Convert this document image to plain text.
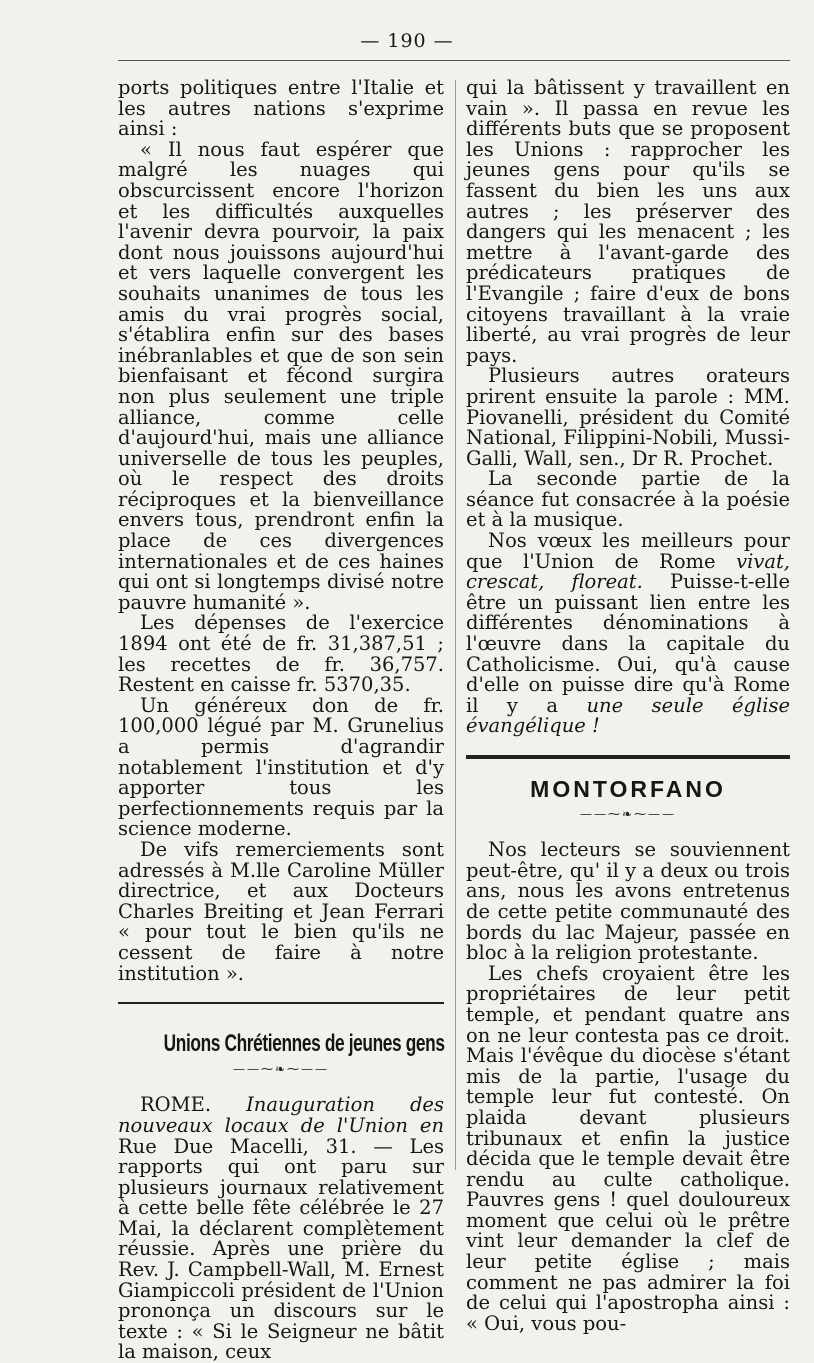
— 190 —

ports politiques entre l'Italie et les autres nations s'exprime ainsi :

« Il nous faut espérer que malgré les nuages qui obscurcissent encore l'horizon et les difficultés auxquelles l'avenir devra pourvoir, la paix dont nous jouissons aujourd'hui et vers laquelle convergent les souhaits unanimes de tous les amis du vrai progrès social, s'établira enfin sur des bases inébranlables et que de son sein bienfaisant et fécond surgira non plus seulement une triple alliance, comme celle d'aujourd'hui, mais une alliance universelle de tous les peuples, où le respect des droits réciproques et la bienveillance envers tous, prendront enfin la place de ces divergences internationales et de ces haines qui ont si longtemps divisé notre pauvre humanité ».

Les dépenses de l'exercice 1894 ont été de fr. 31,387,51 ; les recettes de fr. 36,757. Restent en caisse fr. 5370,35.

Un généreux don de fr. 100,000 légué par M. Grunelius a permis d'agrandir notablement l'institution et d'y apporter tous les perfectionnements requis par la science moderne.

De vifs remerciements sont adressés à M.lle Caroline Müller directrice, et aux Docteurs Charles Breiting et Jean Ferrari « pour tout le bien qu'ils ne cessent de faire à notre institution ».

Unions Chrétiennes de jeunes gens
——⁓❧⁓——

ROME. Inauguration des nouveaux locaux de l'Union en Rue Due Macelli, 31. — Les rapports qui ont paru sur plusieurs journaux relativement à cette belle fête célébrée le 27 Mai, la déclarent complètement réussie. Après une prière du Rev. J. Campbell-Wall, M. Ernest Giampiccoli président de l'Union prononça un discours sur le texte : « Si le Seigneur ne bâtit la maison, ceux

qui la bâtissent y travaillent en vain ». Il passa en revue les différents buts que se proposent les Unions : rapprocher les jeunes gens pour qu'ils se fassent du bien les uns aux autres ; les préserver des dangers qui les menacent ; les mettre à l'avant-garde des prédicateurs pratiques de l'Evangile ; faire d'eux de bons citoyens travaillant à la vraie liberté, au vrai progrès de leur pays.

Plusieurs autres orateurs prirent ensuite la parole : MM. Piovanelli, président du Comité National, Filippini-Nobili, Mussi-Galli, Wall, sen., Dr R. Prochet.

La seconde partie de la séance fut consacrée à la poésie et à la musique.

Nos vœux les meilleurs pour que l'Union de Rome vivat, crescat, floreat. Puisse-t-elle être un puissant lien entre les différentes dénominations à l'œuvre dans la capitale du Catholicisme. Oui, qu'à cause d'elle on puisse dire qu'à Rome il y a une seule église évangélique !

MONTORFANO
——⁓❧⁓——

Nos lecteurs se souviennent peut-être, qu' il y a deux ou trois ans, nous les avons entretenus de cette petite communauté des bords du lac Majeur, passée en bloc à la religion protestante.

Les chefs croyaient être les propriétaires de leur petit temple, et pendant quatre ans on ne leur contesta pas ce droit. Mais l'évêque du diocèse s'étant mis de la partie, l'usage du temple leur fut contesté. On plaida devant plusieurs tribunaux et enfin la justice décida que le temple devait être rendu au culte catholique. Pauvres gens ! quel douloureux moment que celui où le prêtre vint leur demander la clef de leur petite église ; mais comment ne pas admirer la foi de celui qui l'apostropha ainsi : « Oui, vous pou-
